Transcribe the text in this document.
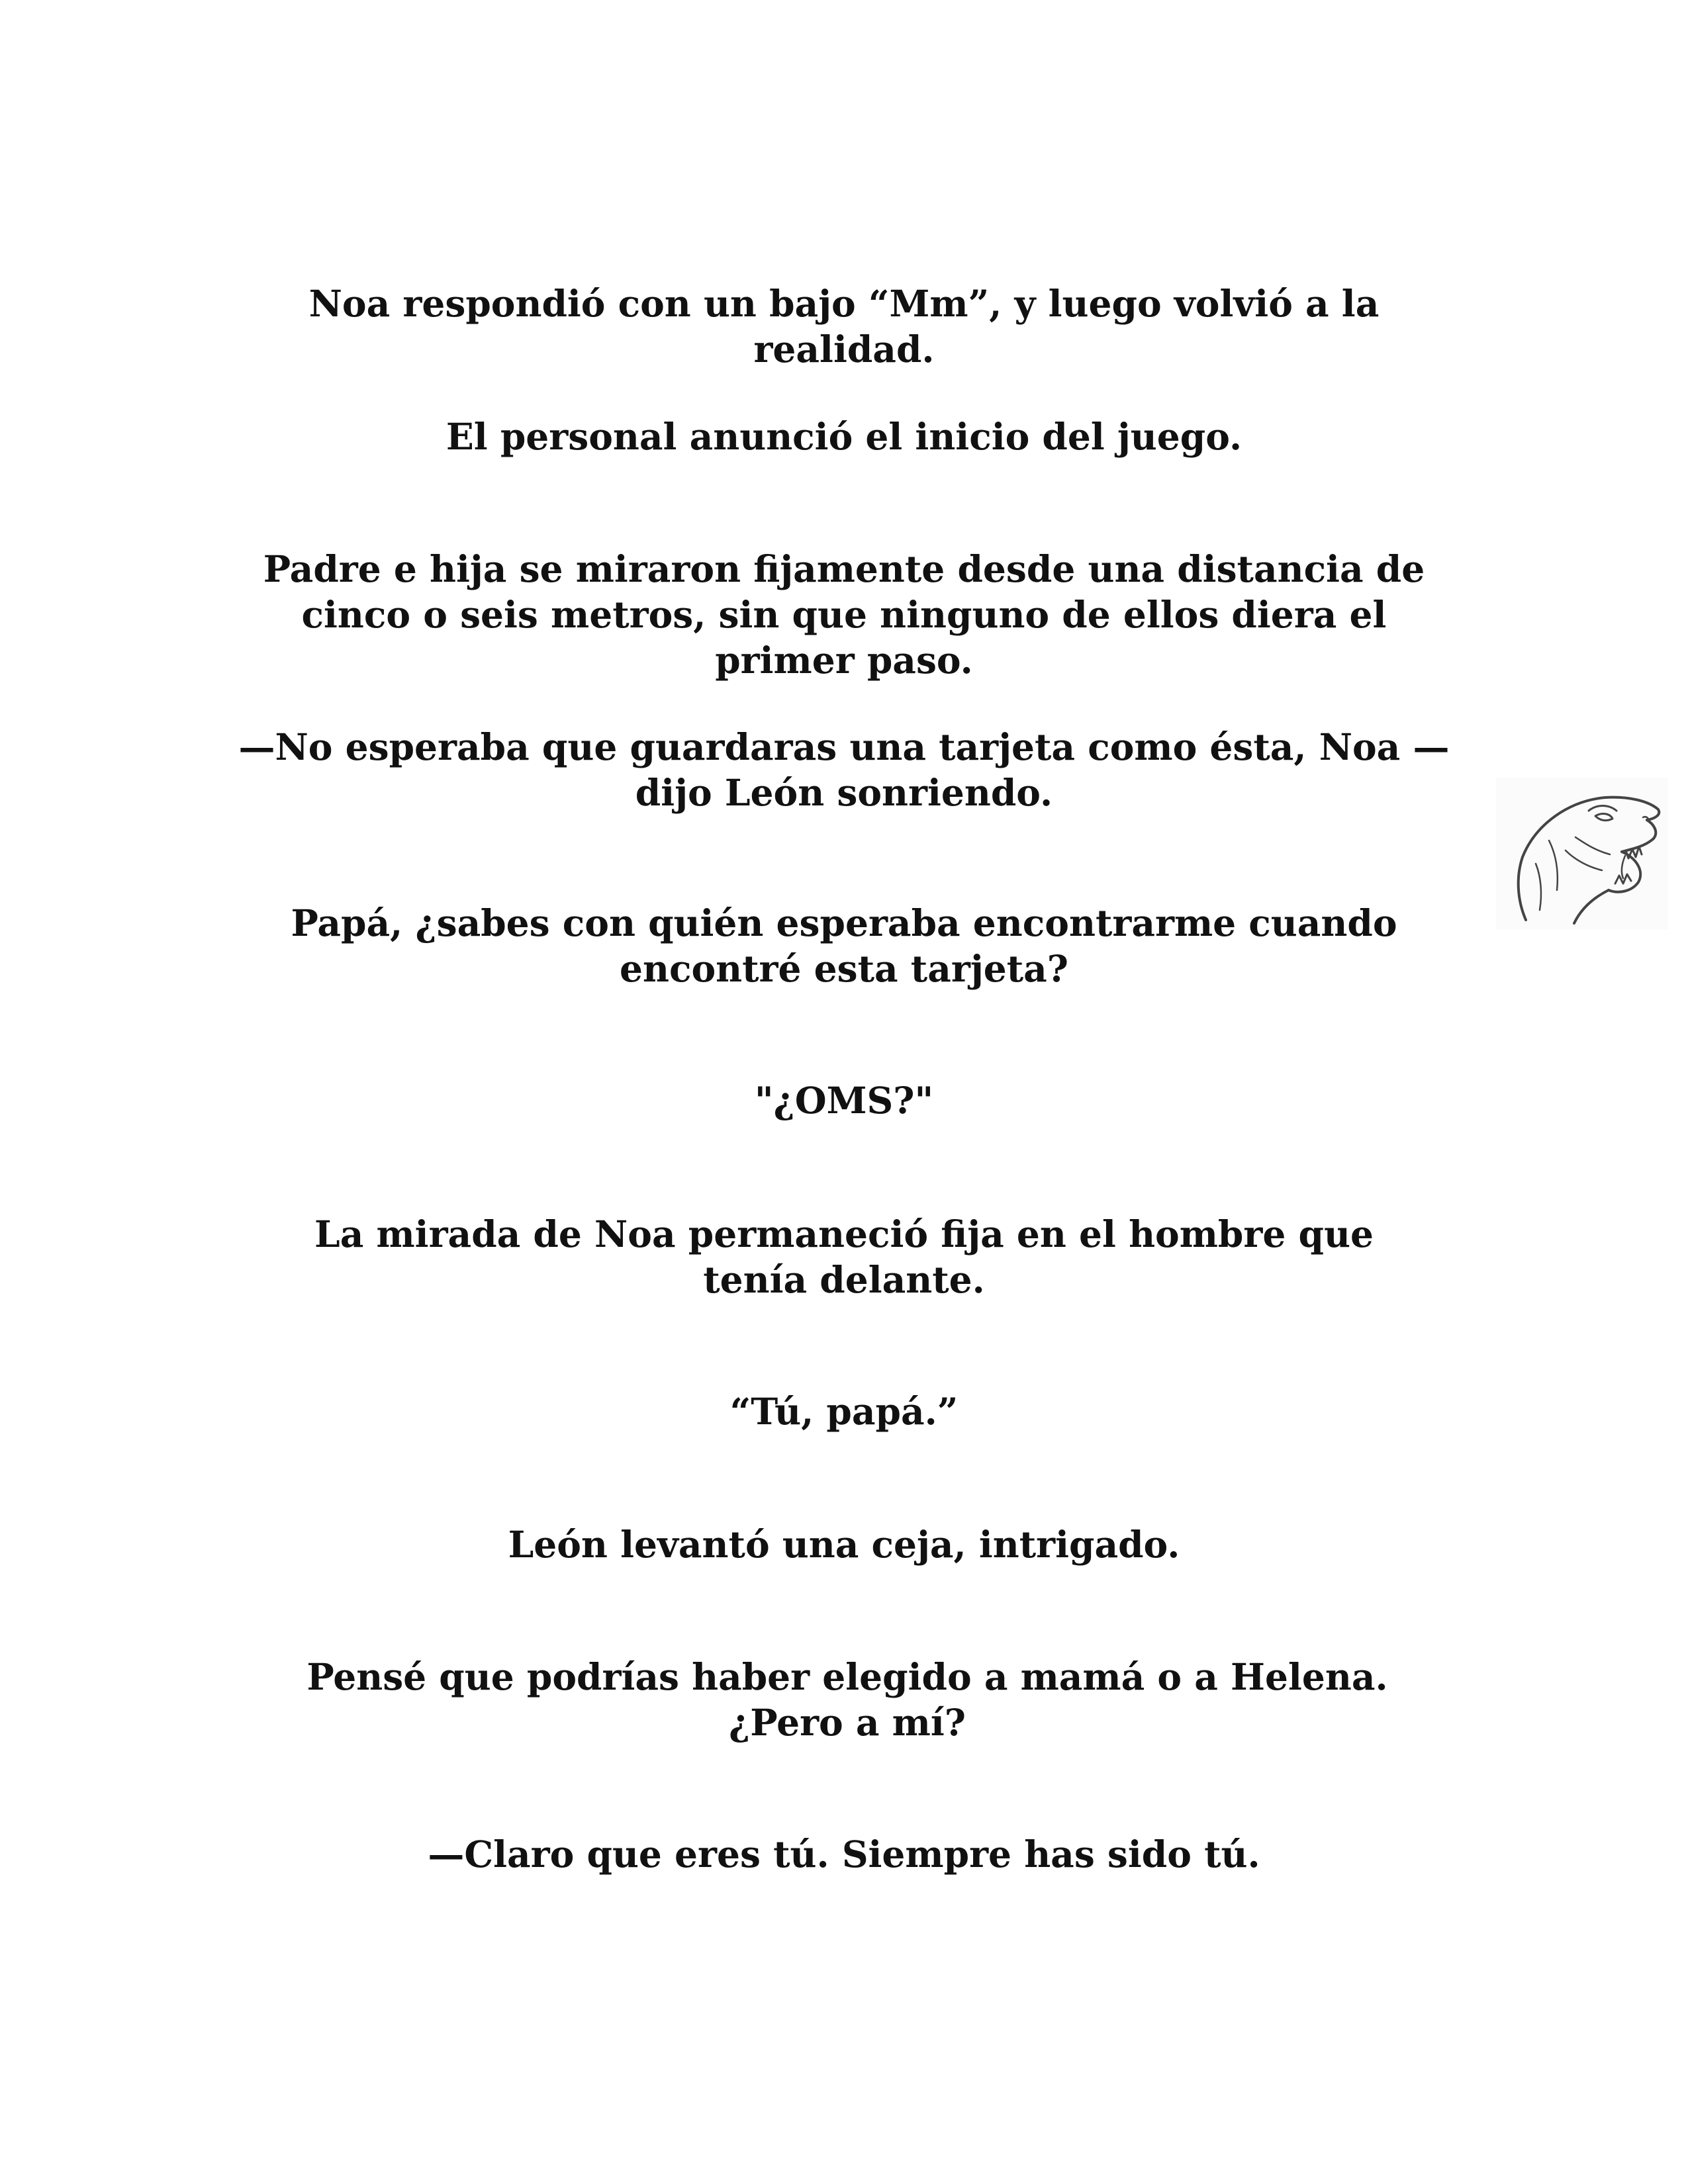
Noa respondió con un bajo “Mm”, y luego volvió a la realidad.

El personal anunció el inicio del juego.

Padre e hija se miraron fijamente desde una distancia de cinco o seis metros, sin que ninguno de ellos diera el primer paso.

—No esperaba que guardaras una tarjeta como ésta, Noa —dijo León sonriendo.

Papá, ¿sabes con quién esperaba encontrarme cuando encontré esta tarjeta?

"¿OMS?"

La mirada de Noa permaneció fija en el hombre que tenía delante.

“Tú, papá.”

León levantó una ceja, intrigado.

Pensé que podrías haber elegido a mamá o a Helena. ¿Pero a mí?

—Claro que eres tú. Siempre has sido tú.
